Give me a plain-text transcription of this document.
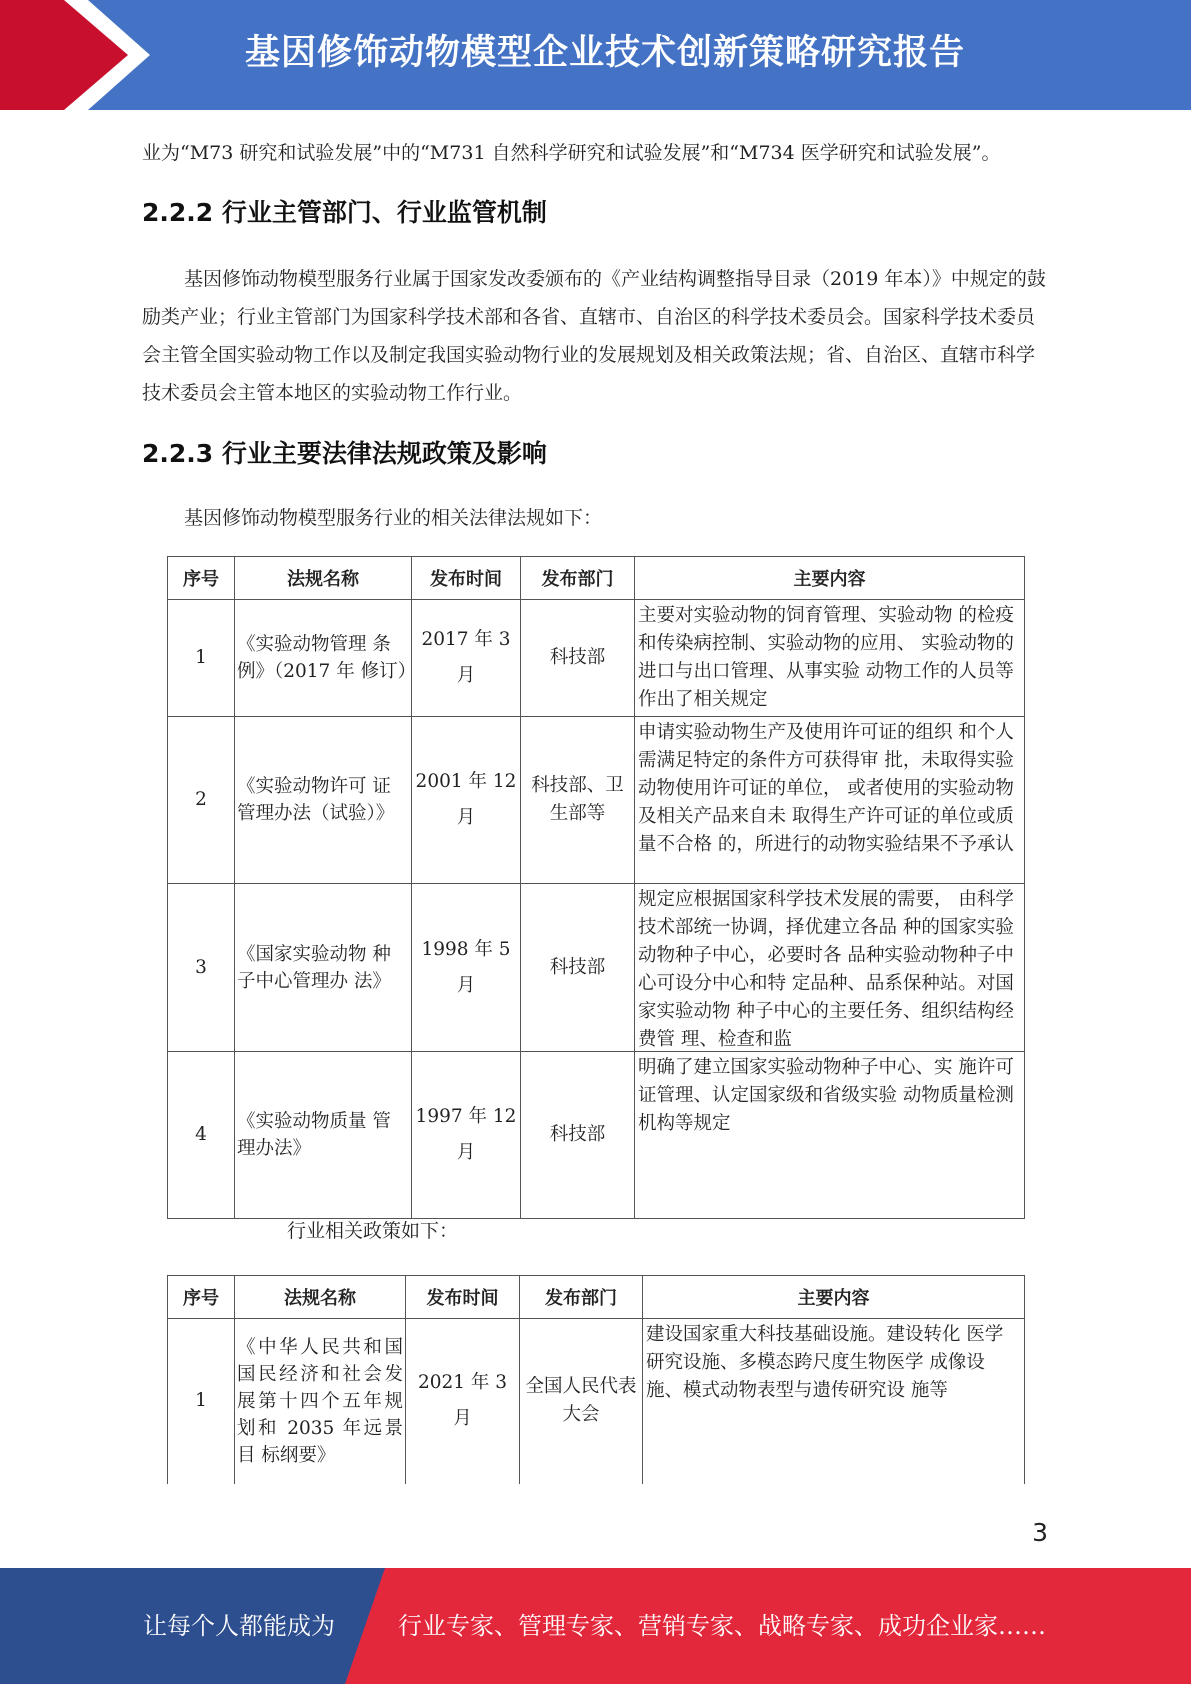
基因修饰动物模型企业技术创新策略研究报告
业为“M73 研究和试验发展”中的“M731 自然科学研究和试验发展”和“M734 医学研究和试验发展”。
2.2.2 行业主管部门、行业监管机制
基因修饰动物模型服务行业属于国家发改委颁布的《产业结构调整指导目录（2019 年本）》中规定的鼓励类产业；行业主管部门为国家科学技术部和各省、直辖市、自治区的科学技术委员会。国家科学技术委员会主管全国实验动物工作以及制定我国实验动物行业的发展规划及相关政策法规；省、自治区、直辖市科学技术委员会主管本地区的实验动物工作行业。
2.2.3 行业主要法律法规政策及影响
基因修饰动物模型服务行业的相关法律法规如下：
序号	法规名称	发布时间	发布部门	主要内容
1	《实验动物管理 条例》（2017 年 修订）	2017 年 3 月	科技部	主要对实验动物的饲育管理、实验动物 的检疫和传染病控制、实验动物的应用、 实验动物的进口与出口管理、从事实验 动物工作的人员等作出了相关规定
2	《实验动物许可 证管理办法（试验）》	2001 年 12 月	科技部、卫生部等	申请实验动物生产及使用许可证的组织 和个人需满足特定的条件方可获得审 批，未取得实验动物使用许可证的单位， 或者使用的实验动物及相关产品来自未 取得生产许可证的单位或质量不合格 的，所进行的动物实验结果不予承认
3	《国家实验动物 种子中心管理办 法》	1998 年 5 月	科技部	规定应根据国家科学技术发展的需要， 由科学技术部统一协调，择优建立各品 种的国家实验动物种子中心，必要时各 品种实验动物种子中心可设分中心和特 定品种、品系保种站。对国家实验动物 种子中心的主要任务、组织结构经费管 理、检查和监

4	《实验动物质量 管理办法》	1997 年 12 月	科技部	明确了建立国家实验动物种子中心、实 施许可证管理、认定国家级和省级实验 动物质量检测机构等规定
行业相关政策如下：
序号	法规名称	发布时间	发布部门	主要内容
1	《中华人民共和国国民经济和社会发展第十四个五年规划和 2035 年远景目 标纲要》	2021 年 3 月	全国人民代表大会	建设国家重大科技基础设施。建设转化 医学研究设施、多模态跨尺度生物医学 成像设施、模式动物表型与遗传研究设 施等
3
让每个人都能成为	行业专家、管理专家、营销专家、战略专家、成功企业家……
